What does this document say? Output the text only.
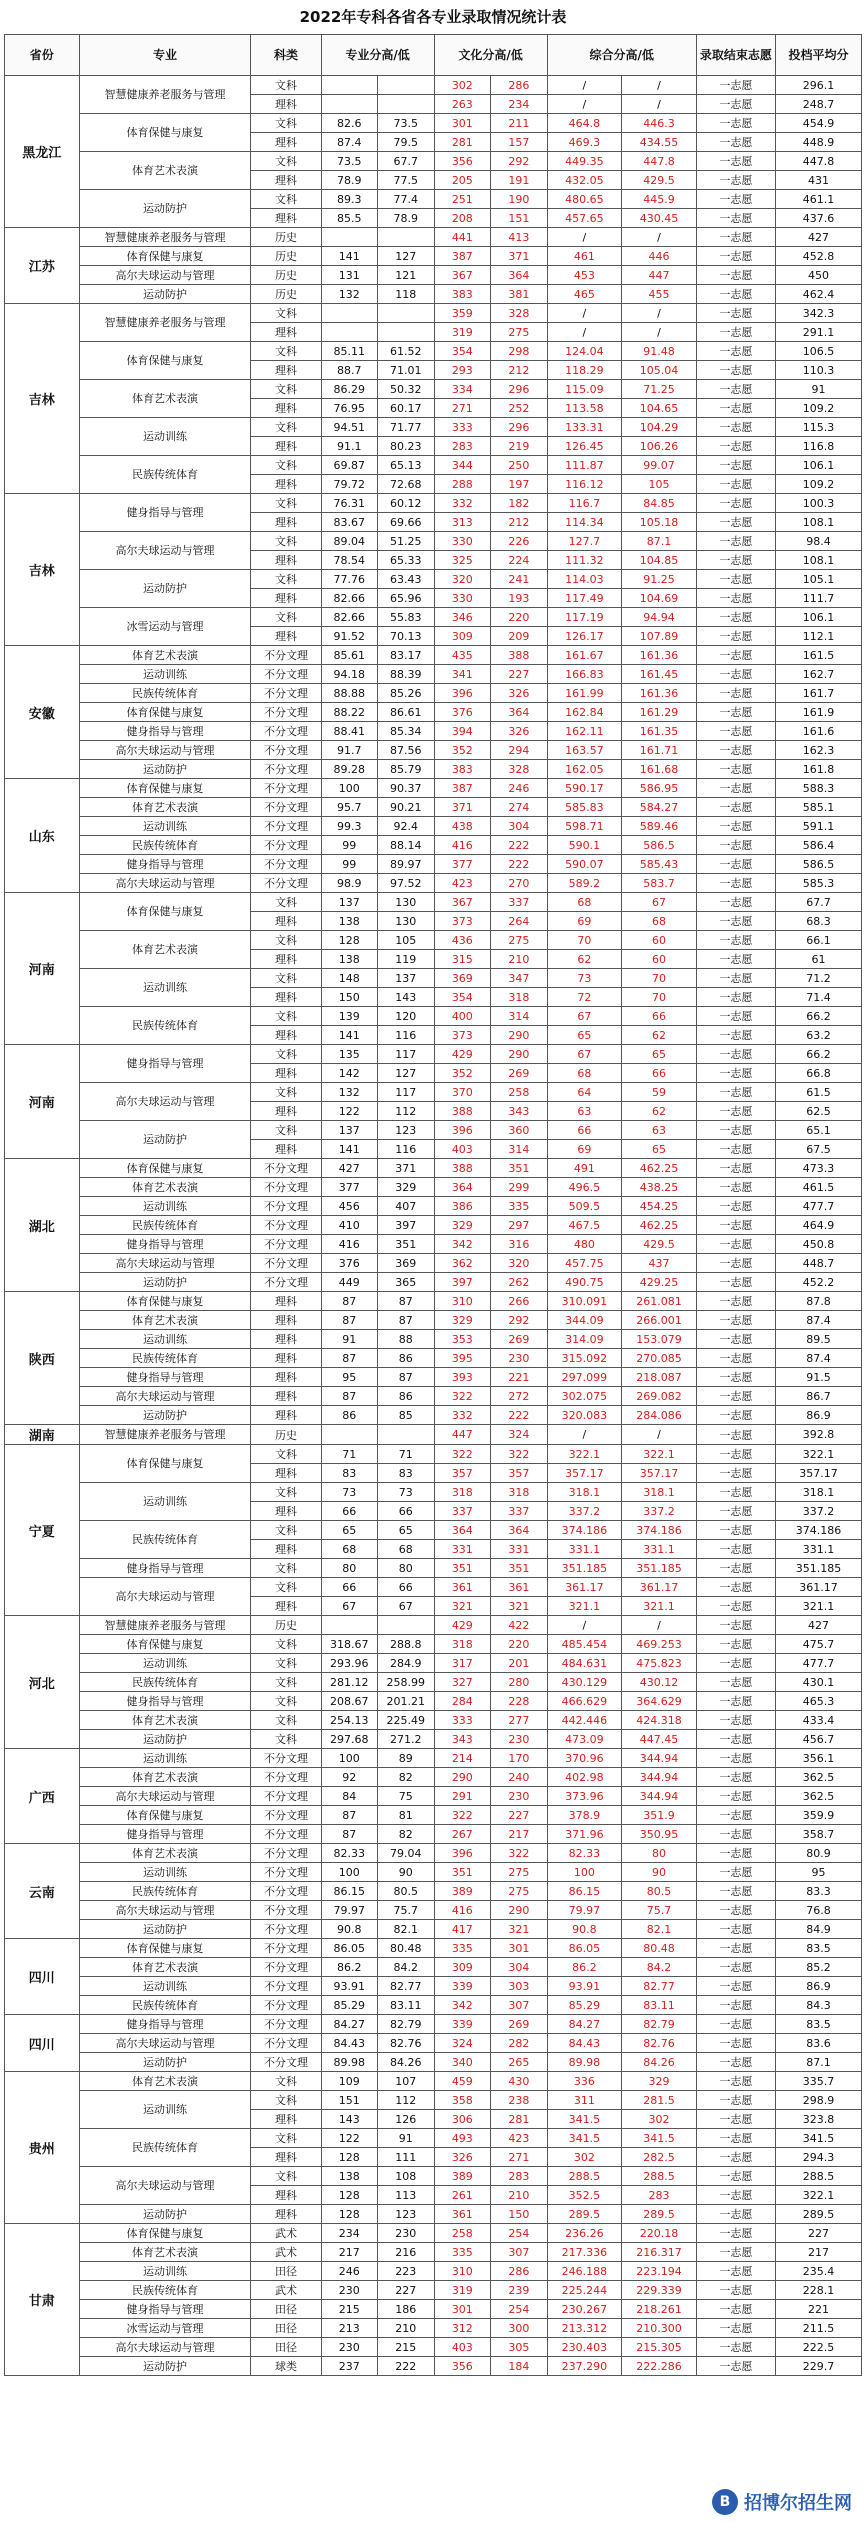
2022年专科各省各专业录取情况统计表
省份	专业	科类	专业分高/低		文化分高/低		综合分高/低		录取结束志愿	投档平均分
黑龙江	智慧健康养老服务与管理	文科			302	286	/	/	一志愿	296.1
		理科			263	234	/	/	一志愿	248.7
	体育保健与康复	文科	82.6	73.5	301	211	464.8	446.3	一志愿	454.9
		理科	87.4	79.5	281	157	469.3	434.55	一志愿	448.9
	体育艺术表演	文科	73.5	67.7	356	292	449.35	447.8	一志愿	447.8
		理科	78.9	77.5	205	191	432.05	429.5	一志愿	431
	运动防护	文科	89.3	77.4	251	190	480.65	445.9	一志愿	461.1
		理科	85.5	78.9	208	151	457.65	430.45	一志愿	437.6
江苏	智慧健康养老服务与管理	历史			441	413	/	/	一志愿	427
	体育保健与康复	历史	141	127	387	371	461	446	一志愿	452.8
	高尔夫球运动与管理	历史	131	121	367	364	453	447	一志愿	450
	运动防护	历史	132	118	383	381	465	455	一志愿	462.4
吉林	智慧健康养老服务与管理	文科			359	328	/	/	一志愿	342.3
		理科			319	275	/	/	一志愿	291.1
	体育保健与康复	文科	85.11	61.52	354	298	124.04	91.48	一志愿	106.5
		理科	88.7	71.01	293	212	118.29	105.04	一志愿	110.3
	体育艺术表演	文科	86.29	50.32	334	296	115.09	71.25	一志愿	91
		理科	76.95	60.17	271	252	113.58	104.65	一志愿	109.2
	运动训练	文科	94.51	71.77	333	296	133.31	104.29	一志愿	115.3
		理科	91.1	80.23	283	219	126.45	106.26	一志愿	116.8
	民族传统体育	文科	69.87	65.13	344	250	111.87	99.07	一志愿	106.1
		理科	79.72	72.68	288	197	116.12	105	一志愿	109.2
吉林	健身指导与管理	文科	76.31	60.12	332	182	116.7	84.85	一志愿	100.3
		理科	83.67	69.66	313	212	114.34	105.18	一志愿	108.1
	高尔夫球运动与管理	文科	89.04	51.25	330	226	127.7	87.1	一志愿	98.4
		理科	78.54	65.33	325	224	111.32	104.85	一志愿	108.1
	运动防护	文科	77.76	63.43	320	241	114.03	91.25	一志愿	105.1
		理科	82.66	65.96	330	193	117.49	104.69	一志愿	111.7
	冰雪运动与管理	文科	82.66	55.83	346	220	117.19	94.94	一志愿	106.1
		理科	91.52	70.13	309	209	126.17	107.89	一志愿	112.1
安徽	体育艺术表演	不分文理	85.61	83.17	435	388	161.67	161.36	一志愿	161.5
	运动训练	不分文理	94.18	88.39	341	227	166.83	161.45	一志愿	162.7
	民族传统体育	不分文理	88.88	85.26	396	326	161.99	161.36	一志愿	161.7
	体育保健与康复	不分文理	88.22	86.61	376	364	162.84	161.29	一志愿	161.9
	健身指导与管理	不分文理	88.41	85.34	394	326	162.11	161.35	一志愿	161.6
	高尔夫球运动与管理	不分文理	91.7	87.56	352	294	163.57	161.71	一志愿	162.3
	运动防护	不分文理	89.28	85.79	383	328	162.05	161.68	一志愿	161.8
山东	体育保健与康复	不分文理	100	90.37	387	246	590.17	586.95	一志愿	588.3
	体育艺术表演	不分文理	95.7	90.21	371	274	585.83	584.27	一志愿	585.1
	运动训练	不分文理	99.3	92.4	438	304	598.71	589.46	一志愿	591.1
	民族传统体育	不分文理	99	88.14	416	222	590.1	586.5	一志愿	586.4
	健身指导与管理	不分文理	99	89.97	377	222	590.07	585.43	一志愿	586.5
	高尔夫球运动与管理	不分文理	98.9	97.52	423	270	589.2	583.7	一志愿	585.3
河南	体育保健与康复	文科	137	130	367	337	68	67	一志愿	67.7
		理科	138	130	373	264	69	68	一志愿	68.3
	体育艺术表演	文科	128	105	436	275	70	60	一志愿	66.1
		理科	138	119	315	210	62	60	一志愿	61
	运动训练	文科	148	137	369	347	73	70	一志愿	71.2
		理科	150	143	354	318	72	70	一志愿	71.4
	民族传统体育	文科	139	120	400	314	67	66	一志愿	66.2
		理科	141	116	373	290	65	62	一志愿	63.2
河南	健身指导与管理	文科	135	117	429	290	67	65	一志愿	66.2
		理科	142	127	352	269	68	66	一志愿	66.8
	高尔夫球运动与管理	文科	132	117	370	258	64	59	一志愿	61.5
		理科	122	112	388	343	63	62	一志愿	62.5
	运动防护	文科	137	123	396	360	66	63	一志愿	65.1
		理科	141	116	403	314	69	65	一志愿	67.5
湖北	体育保健与康复	不分文理	427	371	388	351	491	462.25	一志愿	473.3
	体育艺术表演	不分文理	377	329	364	299	496.5	438.25	一志愿	461.5
	运动训练	不分文理	456	407	386	335	509.5	454.25	一志愿	477.7
	民族传统体育	不分文理	410	397	329	297	467.5	462.25	一志愿	464.9
	健身指导与管理	不分文理	416	351	342	316	480	429.5	一志愿	450.8
	高尔夫球运动与管理	不分文理	376	369	362	320	457.75	437	一志愿	448.7
	运动防护	不分文理	449	365	397	262	490.75	429.25	一志愿	452.2
陕西	体育保健与康复	理科	87	87	310	266	310.091	261.081	一志愿	87.8
	体育艺术表演	理科	87	87	329	292	344.09	266.001	一志愿	87.4
	运动训练	理科	91	88	353	269	314.09	153.079	一志愿	89.5
	民族传统体育	理科	87	86	395	230	315.092	270.085	一志愿	87.4
	健身指导与管理	理科	95	87	393	221	297.099	218.087	一志愿	91.5
	高尔夫球运动与管理	理科	87	86	322	272	302.075	269.082	一志愿	86.7
	运动防护	理科	86	85	332	222	320.083	284.086	一志愿	86.9
湖南	智慧健康养老服务与管理	历史			447	324	/	/	一志愿	392.8
宁夏	体育保健与康复	文科	71	71	322	322	322.1	322.1	一志愿	322.1
		理科	83	83	357	357	357.17	357.17	一志愿	357.17
	运动训练	文科	73	73	318	318	318.1	318.1	一志愿	318.1
		理科	66	66	337	337	337.2	337.2	一志愿	337.2
	民族传统体育	文科	65	65	364	364	374.186	374.186	一志愿	374.186
		理科	68	68	331	331	331.1	331.1	一志愿	331.1
	健身指导与管理	文科	80	80	351	351	351.185	351.185	一志愿	351.185
	高尔夫球运动与管理	文科	66	66	361	361	361.17	361.17	一志愿	361.17
		理科	67	67	321	321	321.1	321.1	一志愿	321.1
河北	智慧健康养老服务与管理	历史			429	422	/	/	一志愿	427
	体育保健与康复	文科	318.67	288.8	318	220	485.454	469.253	一志愿	475.7
	运动训练	文科	293.96	284.9	317	201	484.631	475.823	一志愿	477.7
	民族传统体育	文科	281.12	258.99	327	280	430.129	430.12	一志愿	430.1
	健身指导与管理	文科	208.67	201.21	284	228	466.629	364.629	一志愿	465.3
	体育艺术表演	文科	254.13	225.49	333	277	442.446	424.318	一志愿	433.4
	运动防护	文科	297.68	271.2	343	230	473.09	447.45	一志愿	456.7
广西	运动训练	不分文理	100	89	214	170	370.96	344.94	一志愿	356.1
	体育艺术表演	不分文理	92	82	290	240	402.98	344.94	一志愿	362.5
	高尔夫球运动与管理	不分文理	84	75	291	230	373.96	344.94	一志愿	362.5
	体育保健与康复	不分文理	87	81	322	227	378.9	351.9	一志愿	359.9
	健身指导与管理	不分文理	87	82	267	217	371.96	350.95	一志愿	358.7
云南	体育艺术表演	不分文理	82.33	79.04	396	322	82.33	80	一志愿	80.9
	运动训练	不分文理	100	90	351	275	100	90	一志愿	95
	民族传统体育	不分文理	86.15	80.5	389	275	86.15	80.5	一志愿	83.3
	高尔夫球运动与管理	不分文理	79.97	75.7	416	290	79.97	75.7	一志愿	76.8
	运动防护	不分文理	90.8	82.1	417	321	90.8	82.1	一志愿	84.9
四川	体育保健与康复	不分文理	86.05	80.48	335	301	86.05	80.48	一志愿	83.5
	体育艺术表演	不分文理	86.2	84.2	309	304	86.2	84.2	一志愿	85.2
	运动训练	不分文理	93.91	82.77	339	303	93.91	82.77	一志愿	86.9
	民族传统体育	不分文理	85.29	83.11	342	307	85.29	83.11	一志愿	84.3
四川	健身指导与管理	不分文理	84.27	82.79	339	269	84.27	82.79	一志愿	83.5
	高尔夫球运动与管理	不分文理	84.43	82.76	324	282	84.43	82.76	一志愿	83.6
	运动防护	不分文理	89.98	84.26	340	265	89.98	84.26	一志愿	87.1
贵州	体育艺术表演	文科	109	107	459	430	336	329	一志愿	335.7
	运动训练	文科	151	112	358	238	311	281.5	一志愿	298.9
		理科	143	126	306	281	341.5	302	一志愿	323.8
	民族传统体育	文科	122	91	493	423	341.5	341.5	一志愿	341.5
		理科	128	111	326	271	302	282.5	一志愿	294.3
	高尔夫球运动与管理	文科	138	108	389	283	288.5	288.5	一志愿	288.5
		理科	128	113	261	210	352.5	283	一志愿	322.1
	运动防护	理科	128	123	361	150	289.5	289.5	一志愿	289.5
甘肃	体育保健与康复	武术	234	230	258	254	236.26	220.18	一志愿	227
	体育艺术表演	武术	217	216	335	307	217.336	216.317	一志愿	217
	运动训练	田径	246	223	310	286	246.188	223.194	一志愿	235.4
	民族传统体育	武术	230	227	319	239	225.244	229.339	一志愿	228.1
	健身指导与管理	田径	215	186	301	254	230.267	218.261	一志愿	221
	冰雪运动与管理	田径	213	210	312	300	213.312	210.300	一志愿	211.5
	高尔夫球运动与管理	田径	230	215	403	305	230.403	215.305	一志愿	222.5
	运动防护	球类	237	222	356	184	237.290	222.286	一志愿	229.7
B 招博尔招生网
